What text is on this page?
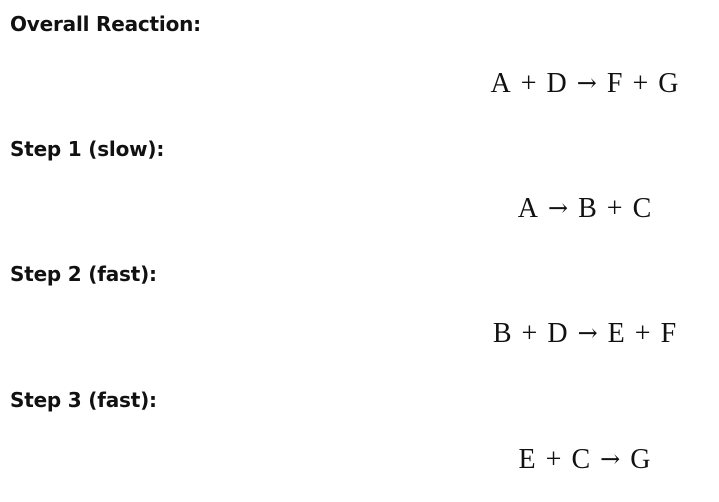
Overall Reaction:
A + D → F + G
Step 1 (slow):
A → B + C
Step 2 (fast):
B + D → E + F
Step 3 (fast):
E + C → G
